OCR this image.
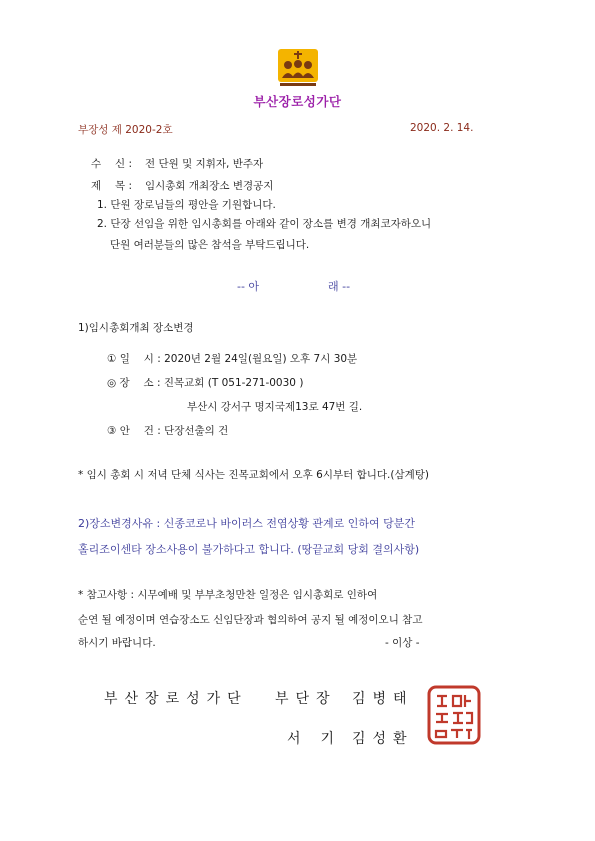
부산장로성가단
부장성 제 2020-2호	2020. 2. 14.
수　 신 : 전 단원 및 지휘자, 반주자
제　 목 : 임시총회 개최장소 변경공지
1. 단원 장로님들의 평안을 기원합니다.
2. 단장 선임을 위한 임시총회를 아래와 같이 장소를 변경 개최코자하오니
단원 여러분들의 많은 참석을 부탁드립니다.
-- 아	래 --
1)임시총회개최 장소변경
① 일　 시 : 2020년 2월 24일(월요일) 오후 7시 30분
◎ 장　 소 : 진목교회 (T 051-271-0030 )
부산시 강서구 명지국제13로 47번 길.
③ 안　 건 : 단장선출의 건
* 임시 총회 시 저녁 단체 식사는 진목교회에서 오후 6시부터 합니다.(삼계탕)
2)장소변경사유 : 신종코로나 바이러스 전염상황 관계로 인하여 당분간
홀리조이센타 장소사용이 불가하다고 합니다. (땅끝교회 당회 결의사항)
* 참고사항 : 시무예배 및 부부초청만찬 일정은 임시총회로 인하여
순연 될 예정이며 연습장소도 신임단장과 협의하여 공지 될 예정이오니 참고
하시기 바랍니다.	- 이상 -
부산장로성가단 부단장 김병태
서기
김성환
